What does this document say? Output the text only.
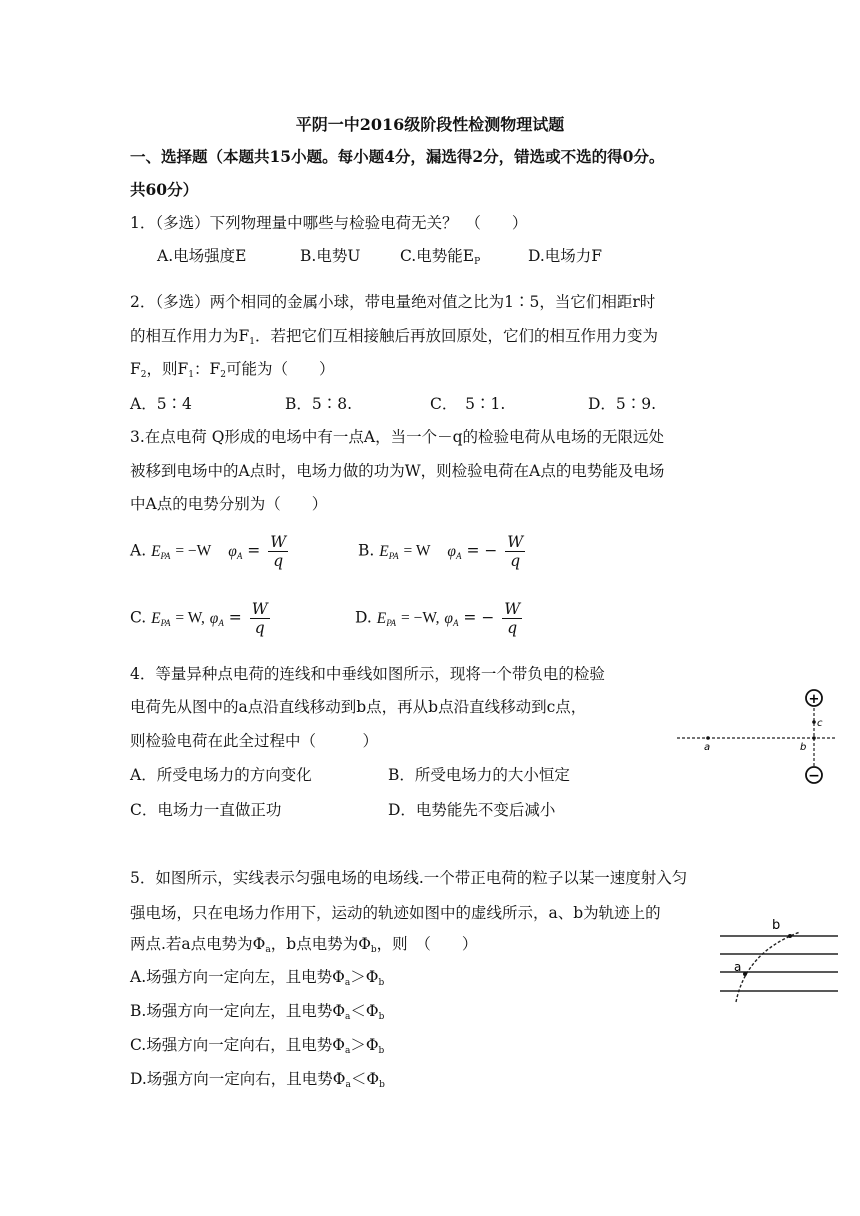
平阴一中2016级阶段性检测物理试题
一、选择题（本题共15小题。每小题4分，漏选得2分，错选或不选的得0分。
共60分）
1．（多选）下列物理量中哪些与检验电荷无关？　（　　）
A.电场强度E	B.电势U	C.电势能$E_P$	D.电场力F
2．（多选）两个相同的金属小球，带电量绝对值之比为1∶5，当它们相距r时
的相互作用力为$F_1$．若把它们互相接触后再放回原处，它们的相互作用力变为
$F_2$，则$F_1$：$F_2$可能为（　　）
A．5∶4	B．5∶8.	C．　5∶1.	D．5∶9.
3.在点电荷 Q形成的电场中有一点A，当一个－q的检验电荷从电场的无限远处
被移到电场中的A点时，电场力做的功为W，则检验电荷在A点的电势能及电场
中A点的电势分别为（　　）
A. $E_{PA} = -W$ $\varphi_A = \frac{W}{q}$	B. $E_{PA} = W$ $\varphi_A$ = − $\frac{W}{q}$
C. $E_{PA} = W$, $\varphi_A = \frac{W}{q}$	D. $E_{PA} = -W$, $\varphi_A$ = − $\frac{W}{q}$
4．等量异种点电荷的连线和中垂线如图所示，现将一个带负电的检验
电荷先从图中的a点沿直线移动到b点，再从b点沿直线移动到c点，
则检验电荷在此全过程中（　　　）
A．所受电场力的方向变化	B．所受电场力的大小恒定
C．电场力一直做正功	D．电势能先不变后减小
+
−
a	b
c
5．如图所示，实线表示匀强电场的电场线.一个带正电荷的粒子以某一速度射入匀
强电场，只在电场力作用下，运动的轨迹如图中的虚线所示，a、b为轨迹上的
两点.若a点电势为$\Phi_a$，b点电势为$\Phi_b$，则　（　　）
A.场强方向一定向左，且电势$\Phi_a>\Phi_b$
B.场强方向一定向左，且电势$\Phi_a<\Phi_b$
C.场强方向一定向右，且电势$\Phi_a>\Phi_b$
D.场强方向一定向右，且电势$\Phi_a<\Phi_b$
a
b
